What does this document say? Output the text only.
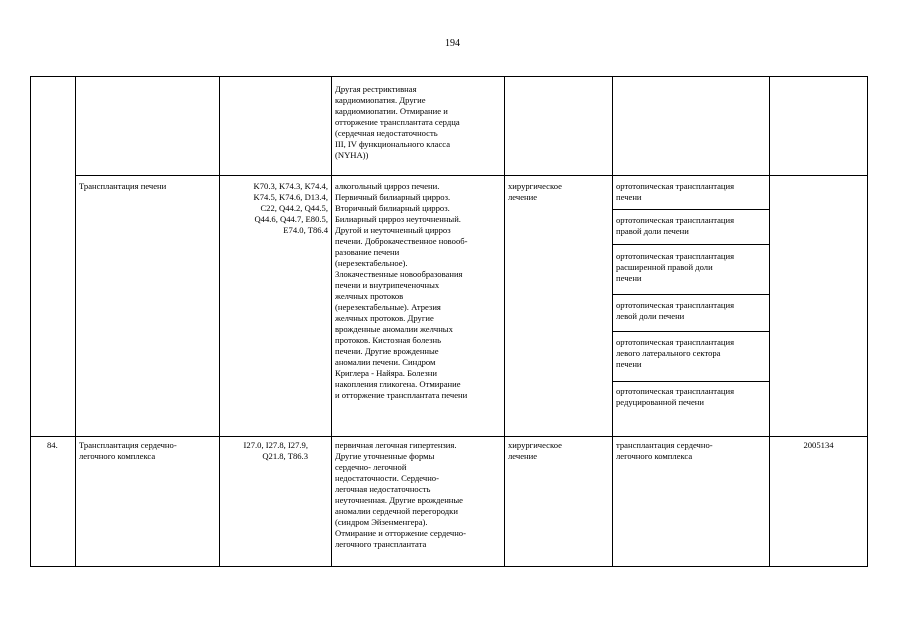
194
Другая рестриктивная
кардиомиопатия. Другие
кардиомиопатии. Отмирание и
отторжение трансплантата сердца
(сердечная недостаточность
III, IV функционального класса
(NYHA))
Трансплантация печени	K70.3, K74.3, K74.4,
K74.5, K74.6, D13.4,
C22, Q44.2, Q44.5,
Q44.6, Q44.7, E80.5,
E74.0, T86.4
алкогольный цирроз печени.
Первичный билиарный цирроз.
Вторичный билиарный цирроз.
Билиарный цирроз неуточненный.
Другой и неуточненный цирроз
печени. Доброкачественное новооб-
разование печени
(нерезектабельное).
Злокачественные новообразования
печени и внутрипеченочных
желчных протоков
(нерезектабельные). Атрезия
желчных протоков. Другие
врожденные аномалии желчных
протоков. Кистозная болезнь
печени. Другие врожденные
аномалии печени. Синдром
Криглера - Найяра. Болезни
накопления гликогена. Отмирание
и отторжение трансплантата печени
хирургическое
лечение
ортотопическая трансплантация
печени
ортотопическая трансплантация
правой доли печени
ортотопическая трансплантация
расширенной правой доли
печени
ортотопическая трансплантация
левой доли печени
ортотопическая трансплантация
левого латерального сектора
печени
ортотопическая трансплантация
редуцированной печени
84.	Трансплантация сердечно-
легочного комплекса
I27.0, I27.8, I27.9,
Q21.8, T86.3
первичная легочная гипертензия.
Другие уточненные формы
сердечно- легочной
недостаточности. Сердечно-
легочная недостаточность
неуточненная. Другие врожденные
аномалии сердечной перегородки
(синдром Эйзенменгера).
Отмирание и отторжение сердечно-
легочного трансплантата
хирургическое
лечение
трансплантация сердечно-
легочного комплекса
2005134
